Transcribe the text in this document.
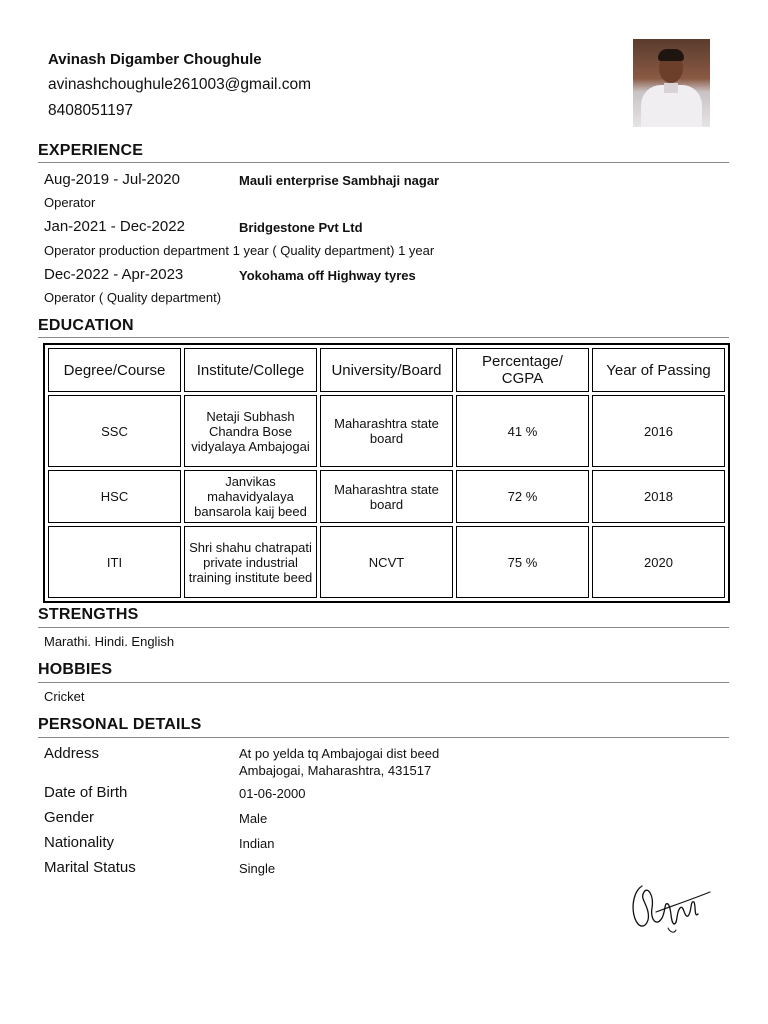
Avinash Digamber Choughule
avinashchoughule261003@gmail.com
8408051197
EXPERIENCE
Aug-2019 - Jul-2020	Mauli enterprise Sambhaji nagar
Operator
Jan-2021 - Dec-2022	Bridgestone Pvt Ltd
Operator production department 1 year ( Quality department) 1 year
Dec-2022 - Apr-2023	Yokohama off Highway tyres
Operator ( Quality department)
EDUCATION
Degree/Course	Institute/College	University/Board	Percentage/ CGPA	Year of Passing
SSC	Netaji Subhash Chandra Bose vidyalaya Ambajogai	Maharashtra state board	41 %	2016
HSC	Janvikas mahavidyalaya bansarola kaij beed	Maharashtra state board	72 %	2018
ITI	Shri shahu chatrapati private industrial training institute beed	NCVT	75 %	2020
STRENGTHS
Marathi. Hindi. English
HOBBIES
Cricket
PERSONAL DETAILS
Address	At po yelda tq Ambajogai dist beed
Ambajogai, Maharashtra, 431517
Date of Birth	01-06-2000
Gender	Male
Nationality	Indian
Marital Status	Single
